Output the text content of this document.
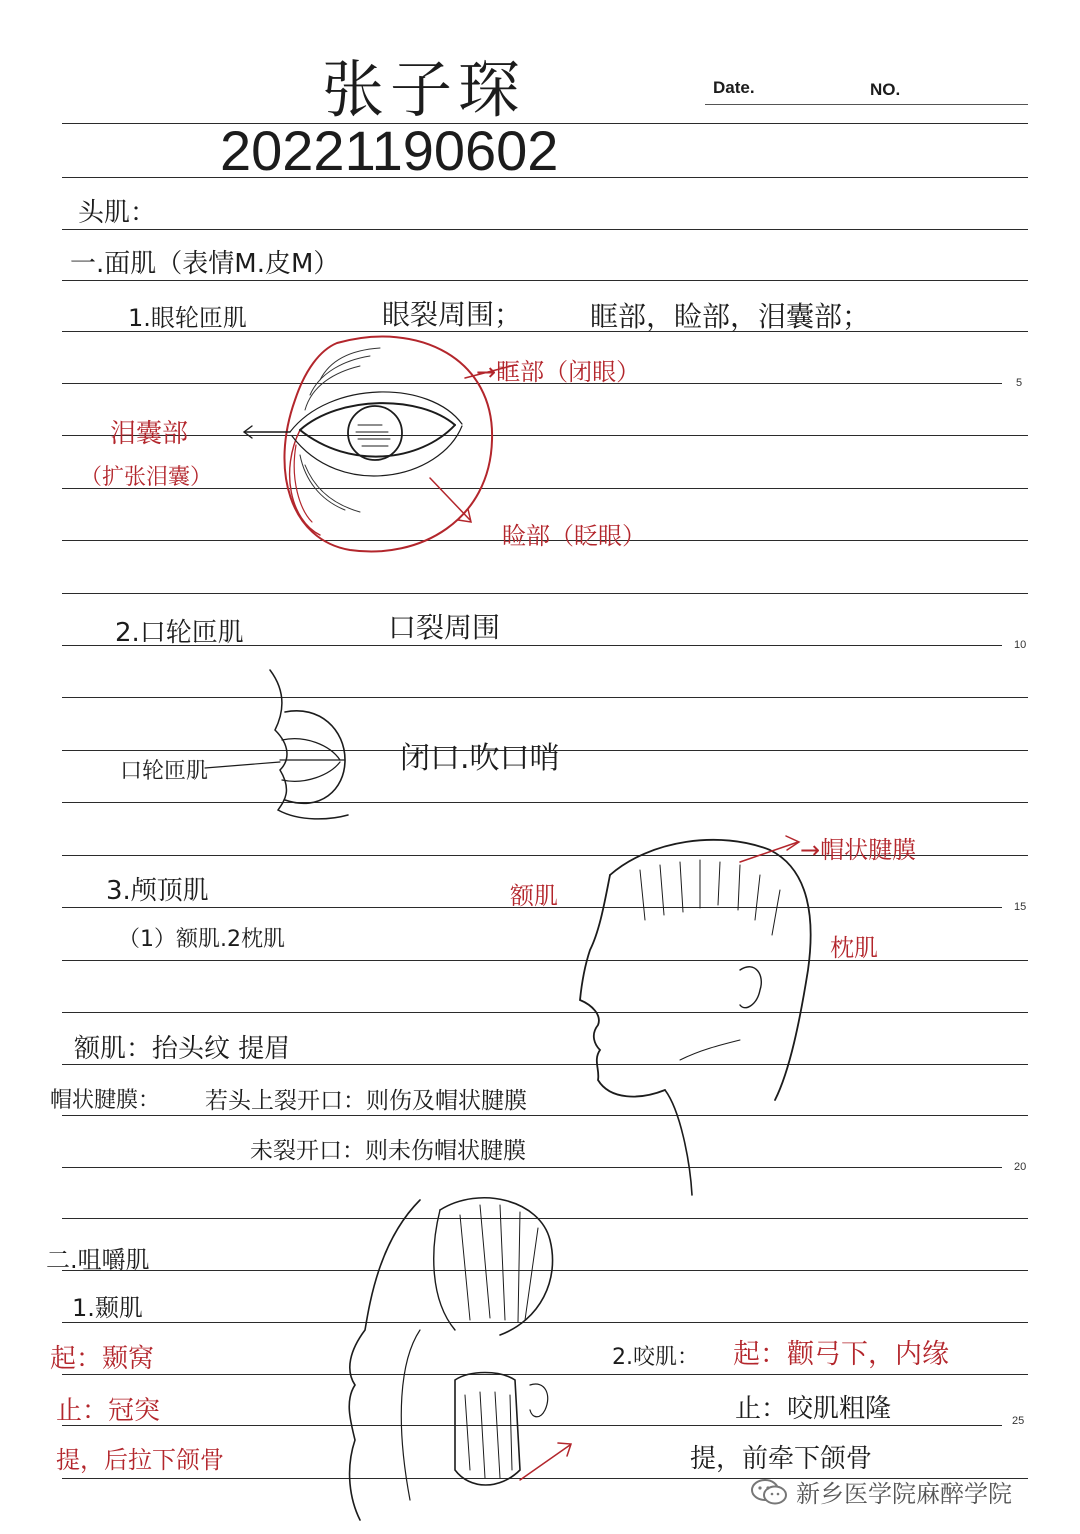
张子琛	Date.	NO.
20221190602
5
10
15
20
25
头肌：
一.面肌（表情M.皮M）
1.眼轮匝肌	眼裂周围； 眶部，睑部，泪囊部；
2.口轮匝肌	口裂周围
口轮匝肌	闭口.吹口哨
3.颅顶肌
（1）额肌.2枕肌
额肌：抬头纹 提眉
帽状腱膜： 若头上裂开口：则伤及帽状腱膜
未裂开口：则未伤帽状腱膜
二.咀嚼肌
1.颞肌
2.咬肌：
→眶部（闭眼）
泪囊部
（扩张泪囊）
睑部（眨眼）
额肌
→帽状腱膜
枕肌
起：颞窝
止：冠突
提，后拉下颌骨
起：颧弓下，内缘
止：咬肌粗隆
提，前牵下颌骨
新乡医学院麻醉学院
